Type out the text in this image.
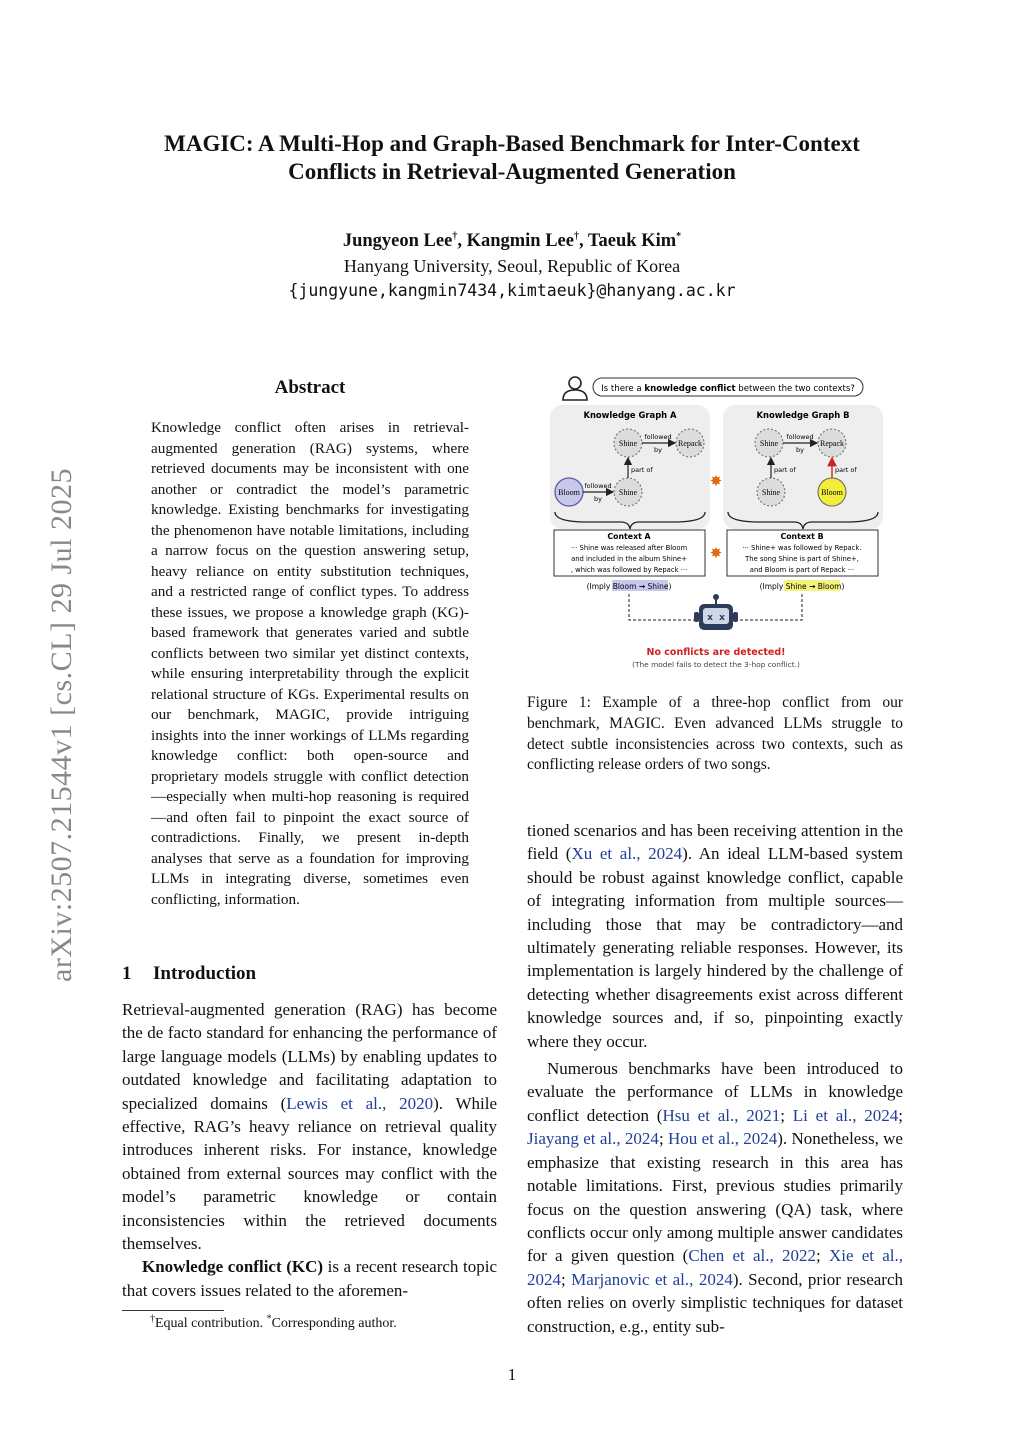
MAGIC: A Multi-Hop and Graph-Based Benchmark for Inter-Context
Conflicts in Retrieval-Augmented Generation
Jungyeon Lee†, Kangmin Lee†, Taeuk Kim*
Hanyang University, Seoul, Republic of Korea
{jungyune,kangmin7434,kimtaeuk}@hanyang.ac.kr
arXiv:2507.21544v1 [cs.CL] 29 Jul 2025
Abstract
Knowledge conflict often arises in retrieval-augmented generation (RAG) systems, where retrieved documents may be inconsistent with one another or contradict the model’s parametric knowledge. Existing benchmarks for investigating the phenomenon have notable limitations, including a narrow focus on the question answering setup, heavy reliance on entity substitution techniques, and a restricted range of conflict types. To address these issues, we propose a knowledge graph (KG)-based framework that generates varied and subtle conflicts between two similar yet distinct contexts, while ensuring interpretability through the explicit relational structure of KGs. Experimental results on our benchmark, MAGIC, provide intriguing insights into the inner workings of LLMs regarding knowledge conflict: both open-source and proprietary models struggle with conflict detection—especially when multi-hop reasoning is required—and often fail to pinpoint the exact source of contradictions. Finally, we present in-depth analyses that serve as a foundation for improving LLMs in integrating diverse, sometimes even conflicting, information.
1 Introduction

Retrieval-augmented generation (RAG) has become the de facto standard for enhancing the performance of large language models (LLMs) by enabling updates to outdated knowledge and facilitating adaptation to specialized domains (Lewis et al., 2020). While effective, RAG’s heavy reliance on retrieval quality introduces inherent risks. For instance, knowledge obtained from external sources may conflict with the model’s parametric knowledge or contain inconsistencies within the retrieved documents themselves.

Knowledge conflict (KC) is a recent research topic that covers issues related to the aforemen-

tioned scenarios and has been receiving attention in the field (Xu et al., 2024). An ideal LLM-based system should be robust against knowledge conflict, capable of integrating information from multiple sources—including those that may be contradictory—and ultimately generating reliable responses. However, its implementation is largely hindered by the challenge of detecting whether disagreements exist across different knowledge sources and, if so, pinpointing exactly where they occur.

Numerous benchmarks have been introduced to evaluate the performance of LLMs in knowledge conflict detection (Hsu et al., 2021; Li et al., 2024; Jiayang et al., 2024; Hou et al., 2024). Nonetheless, we emphasize that existing research in this area has notable limitations. First, previous studies primarily focus on the question answering (QA) task, where conflicts occur only among multiple answer candidates for a given question (Chen et al., 2022; Xie et al., 2024; Marjanovic et al., 2024). Second, prior research often relies on overly simplistic techniques for dataset construction, e.g., entity sub-

†Equal contribution. *Corresponding author.
1
Is there a knowledge conflict between the two contexts?
Knowledge Graph A	Knowledge Graph B
Shine	Repack
followed
by
Bloom	Shine
followed
by
part of
Shine	Repack
followed
by
Shine	Bloom
part of	part of
✸
✸
Context A
··· Shine was released after Bloom
and included in the album Shine+
, which was followed by Repack ···
Context B
··· Shine+ was followed by Repack.
The song Shine is part of Shine+,
and Bloom is part of Repack ···
(Imply Bloom → Shine)	(Imply Shine → Bloom)
x x
No conflicts are detected!
(The model fails to detect the 3-hop conflict.)
Figure 1: Example of a three-hop conflict from our benchmark, MAGIC. Even advanced LLMs struggle to detect subtle inconsistencies across two contexts, such as conflicting release orders of two songs.
